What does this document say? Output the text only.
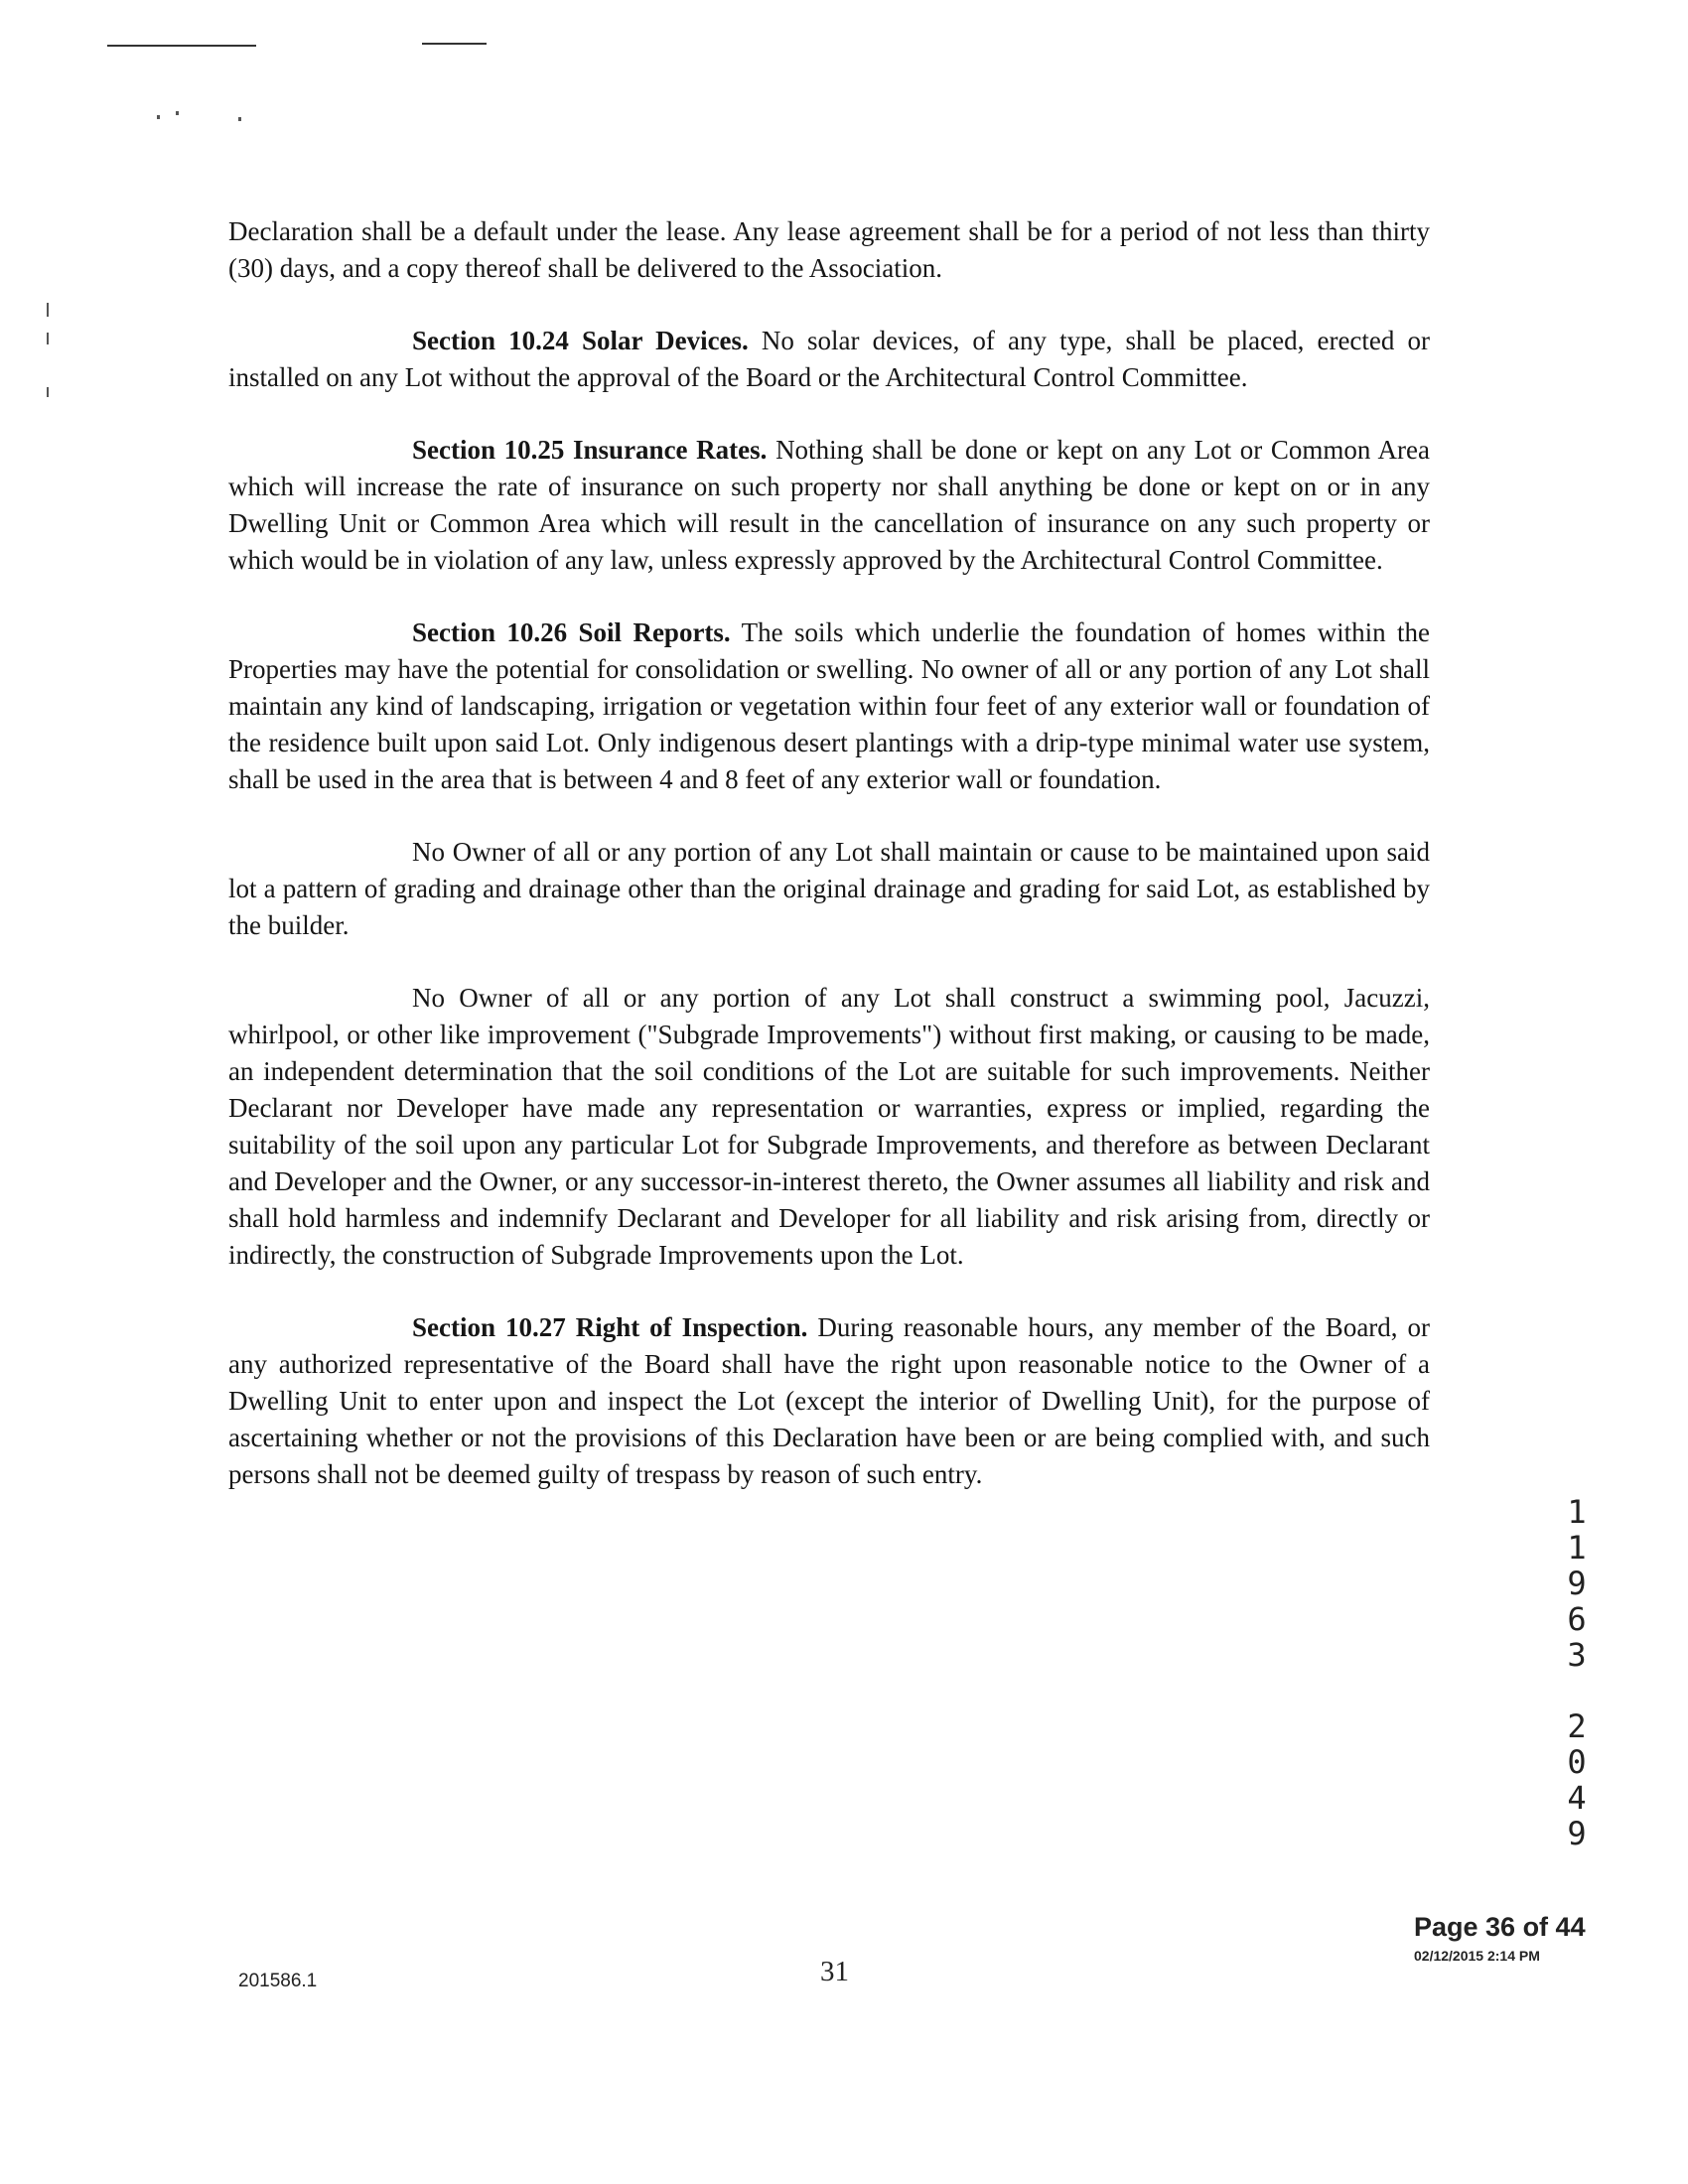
Declaration shall be a default under the lease. Any lease agreement shall be for a period of not less than thirty (30) days, and a copy thereof shall be delivered to the Association.

Section 10.24 Solar Devices. No solar devices, of any type, shall be placed, erected or installed on any Lot without the approval of the Board or the Architectural Control Committee.

Section 10.25 Insurance Rates. Nothing shall be done or kept on any Lot or Common Area which will increase the rate of insurance on such property nor shall anything be done or kept on or in any Dwelling Unit or Common Area which will result in the cancellation of insurance on any such property or which would be in violation of any law, unless expressly approved by the Architectural Control Committee.

Section 10.26 Soil Reports. The soils which underlie the foundation of homes within the Properties may have the potential for consolidation or swelling. No owner of all or any portion of any Lot shall maintain any kind of landscaping, irrigation or vegetation within four feet of any exterior wall or foundation of the residence built upon said Lot. Only indigenous desert plantings with a drip-type minimal water use system, shall be used in the area that is between 4 and 8 feet of any exterior wall or foundation.

No Owner of all or any portion of any Lot shall maintain or cause to be maintained upon said lot a pattern of grading and drainage other than the original drainage and grading for said Lot, as established by the builder.

No Owner of all or any portion of any Lot shall construct a swimming pool, Jacuzzi, whirlpool, or other like improvement ("Subgrade Improvements") without first making, or causing to be made, an independent determination that the soil conditions of the Lot are suitable for such improvements. Neither Declarant nor Developer have made any representation or warranties, express or implied, regarding the suitability of the soil upon any particular Lot for Subgrade Improvements, and therefore as between Declarant and Developer and the Owner, or any successor-in-interest thereto, the Owner assumes all liability and risk and shall hold harmless and indemnify Declarant and Developer for all liability and risk arising from, directly or indirectly, the construction of Subgrade Improvements upon the Lot.

Section 10.27 Right of Inspection. During reasonable hours, any member of the Board, or any authorized representative of the Board shall have the right upon reasonable notice to the Owner of a Dwelling Unit to enter upon and inspect the Lot (except the interior of Dwelling Unit), for the purpose of ascertaining whether or not the provisions of this Declaration have been or are being complied with, and such persons shall not be deemed guilty of trespass by reason of such entry.

1
1
9
6
3
2
0
4
9
Page 36 of 44
02/12/2015 2:14 PM
201586.1	31
